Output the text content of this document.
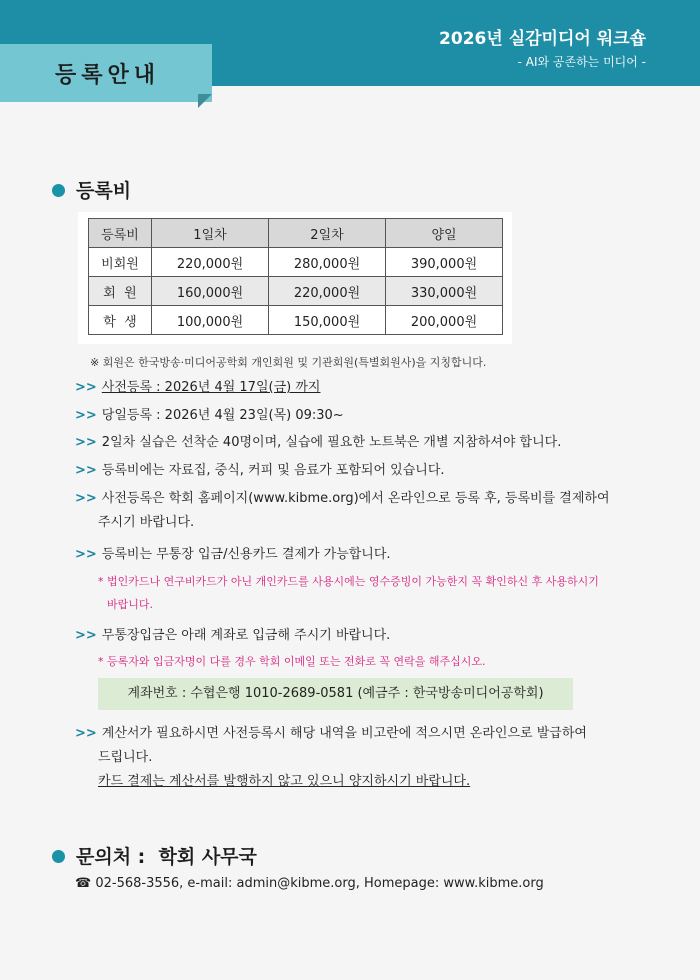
2026년 실감미디어 워크숍
- AI와 공존하는 미디어 -
등록안내
등록비
등록비	1일차	2일차	양일
비회원	220,000원	280,000원	390,000원
회  원	160,000원	220,000원	330,000원
학  생	100,000원	150,000원	200,000원
※ 회원은 한국방송·미디어공학회 개인회원 및 기관회원(특별회원사)을 지칭합니다.
>> 사전등록 : 2026년 4월 17일(금) 까지
>> 당일등록 : 2026년 4월 23일(목) 09:30~
>> 2일차 실습은 선착순 40명이며, 실습에 필요한 노트북은 개별 지참하셔야 합니다.
>> 등록비에는 자료집, 중식, 커피 및 음료가 포함되어 있습니다.
>> 사전등록은 학회 홈페이지(www.kibme.org)에서 온라인으로 등록 후, 등록비를 결제하여
주시기 바랍니다.
>> 등록비는 무통장 입금/신용카드 결제가 가능합니다.
* 법인카드나 연구비카드가 아닌 개인카드를 사용시에는 영수증빙이 가능한지 꼭 확인하신 후 사용하시기
바랍니다.
>> 무통장입금은 아래 계좌로 입금해 주시기 바랍니다.
* 등록자와 입금자명이 다를 경우 학회 이메일 또는 전화로 꼭 연락을 해주십시오.
계좌번호 : 수협은행 1010-2689-0581 (예금주 : 한국방송미디어공학회)
>> 계산서가 필요하시면 사전등록시 해당 내역을 비고란에 적으시면 온라인으로 발급하여
드립니다.
카드 결제는 계산서를 발행하지 않고 있으니 양지하시기 바랍니다.
문의처 :  학회 사무국
☎ 02-568-3556, e-mail: admin@kibme.org, Homepage: www.kibme.org
